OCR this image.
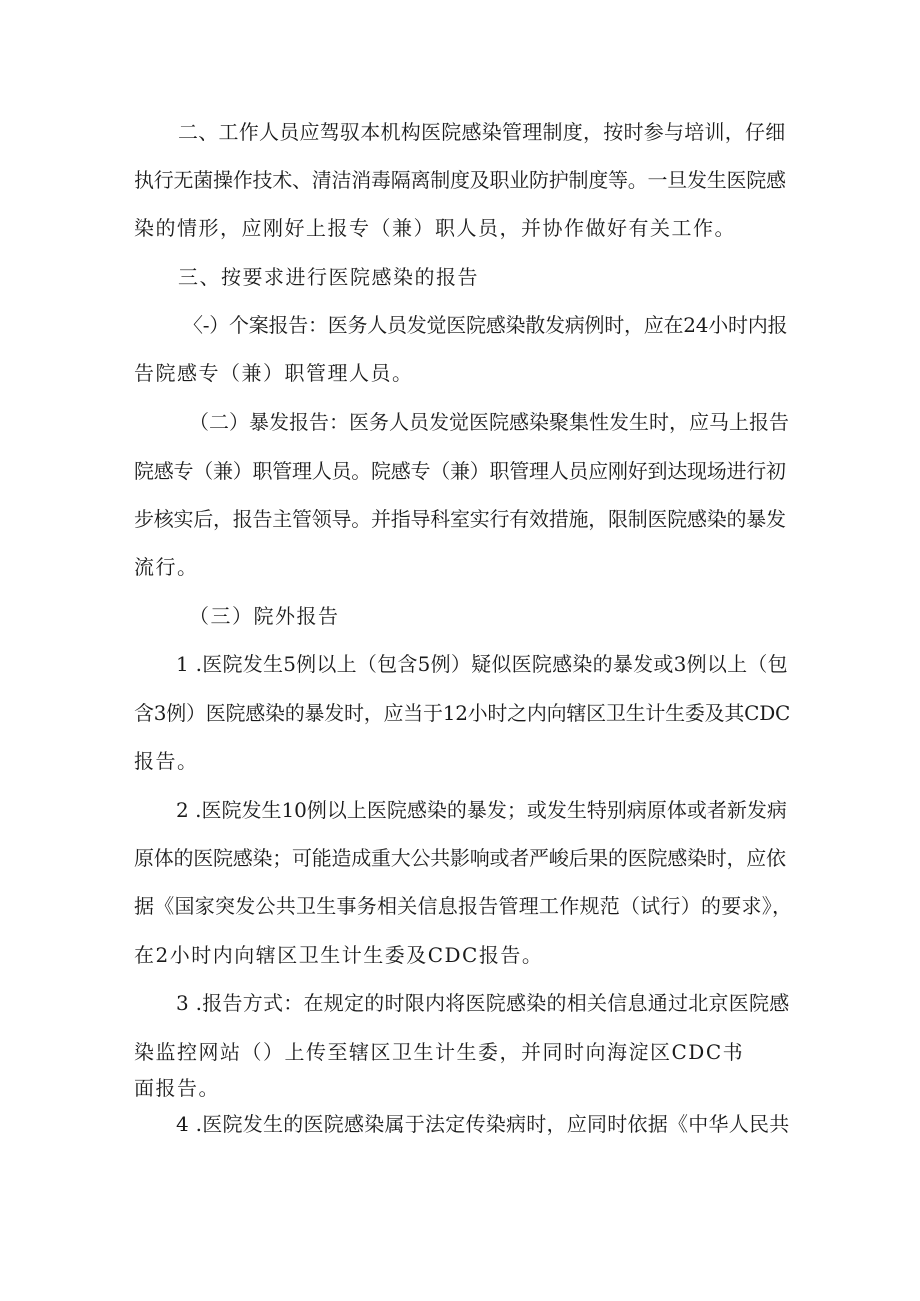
二、工作人员应驾驭本机构医院感染管理制度，按时参与培训，仔细
执行无菌操作技术、清洁消毒隔离制度及职业防护制度等。一旦发生医院感
染的情形，应刚好上报专（兼）职人员，并协作做好有关工作。
三、按要求进行医院感染的报告
〈-）个案报告：医务人员发觉医院感染散发病例时，应在24小时内报
告院感专（兼）职管理人员。
（二）暴发报告：医务人员发觉医院感染聚集性发生时，应马上报告
院感专（兼）职管理人员。院感专（兼）职管理人员应刚好到达现场进行初
步核实后，报告主管领导。并指导科室实行有效措施，限制医院感染的暴发
流行。
（三）院外报告
1 .医院发生5例以上（包含5例）疑似医院感染的暴发或3例以上（包
含3例）医院感染的暴发时，应当于12小时之内向辖区卫生计生委及其CDC
报告。
2 .医院发生10例以上医院感染的暴发；或发生特别病原体或者新发病
原体的医院感染；可能造成重大公共影响或者严峻后果的医院感染时，应依
据《国家突发公共卫生事务相关信息报告管理工作规范（试行）的要求》，
在2小时内向辖区卫生计生委及CDC报告。
3 .报告方式：在规定的时限内将医院感染的相关信息通过北京医院感
染监控网站（）上传至辖区卫生计生委，并同时向海淀区CDC书
面报告。
4 .医院发生的医院感染属于法定传染病时，应同时依据《中华人民共
